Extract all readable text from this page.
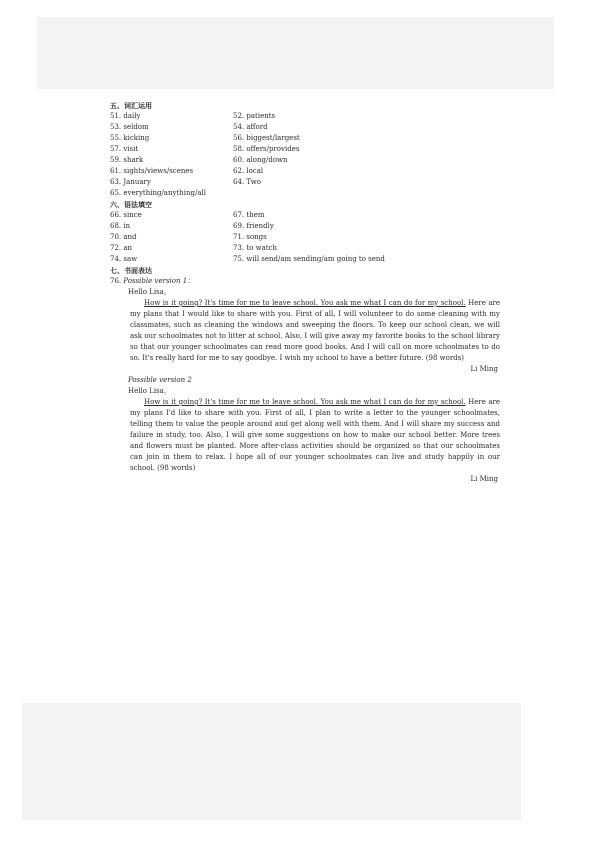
五、词汇运用
51. daily	52. patients
53. seldom	54. afford
55. kicking	56. biggest/largest
57. visit	58. offers/provides
59. shark	60. along/down
61. sights/views/scenes	62. local
63. January	64. Two
65. everything/anything/all
六、语法填空
66. since	67. them
68. in	69. friendly
70. and	71. songs
72. an	73. to watch
74. saw	75. will send/am sending/am going to send
七、书面表达
76. Possible version 1：
Hello Lisa，
How is it going? It's time for me to leave school. You ask me what I can do for my school. Here are my plans that I would like to share with you. First of all, I will volunteer to do some cleaning with my classmates, such as cleaning the windows and sweeping the floors. To keep our school clean, we will ask our schoolmates not to litter at school. Also, I will give away my favorite books to the school library so that our younger schoolmates can read more good books. And I will call on more schoolmates to do so. It's really hard for me to say goodbye. I wish my school to have a better future. (98 words)
Li Ming
Possible version 2
Hello Lisa，
How is it going? It's time for me to leave school. You ask me what I can do for my school. Here are my plans I'd like to share with you. First of all, I plan to write a letter to the younger schoolmates, telling them to value the people around and get along well with them. And I will share my success and failure in study, too. Also, I will give some suggestions on how to make our school better. More trees and flowers must be planted. More after-class activities should be organized so that our schoolmates can join in them to relax. I hope all of our younger schoolmates can live and study happily in our school. (98 words)
Li Ming
